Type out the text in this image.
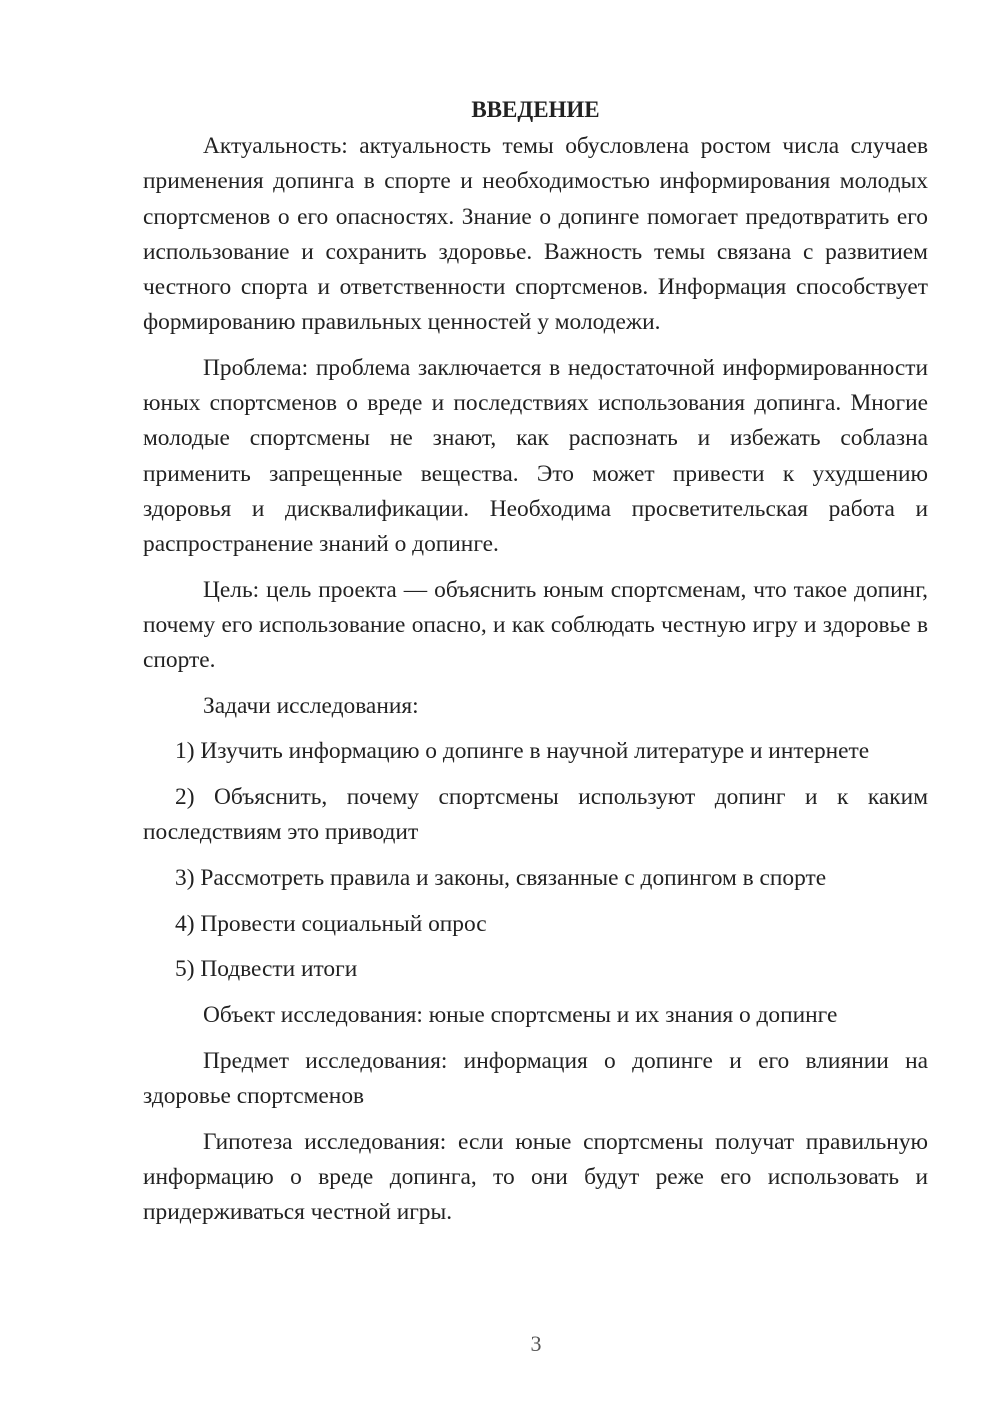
ВВЕДЕНИЕ

Актуальность: актуальность темы обусловлена ростом числа случаев применения допинга в спорте и необходимостью информирования молодых спортсменов о его опасностях. Знание о допинге помогает предотвратить его использование и сохранить здоровье. Важность темы связана с развитием честного спорта и ответственности спортсменов. Информация способствует формированию правильных ценностей у молодежи.

Проблема: проблема заключается в недостаточной информированности юных спортсменов о вреде и последствиях использования допинга. Многие молодые спортсмены не знают, как распознать и избежать соблазна применить запрещенные вещества. Это может привести к ухудшению здоровья и дисквалификации. Необходима просветительская работа и распространение знаний о допинге.

Цель: цель проекта — объяснить юным спортсменам, что такое допинг, почему его использование опасно, и как соблюдать честную игру и здоровье в спорте.

Задачи исследования:

1) Изучить информацию о допинге в научной литературе и интернете

2) Объяснить, почему спортсмены используют допинг и к каким последствиям это приводит

3) Рассмотреть правила и законы, связанные с допингом в спорте

4) Провести социальный опрос

5) Подвести итоги

Объект исследования: юные спортсмены и их знания о допинге

Предмет исследования: информация о допинге и его влиянии на здоровье спортсменов

Гипотеза исследования: если юные спортсмены получат правильную информацию о вреде допинга, то они будут реже его использовать и придерживаться честной игры.

3
